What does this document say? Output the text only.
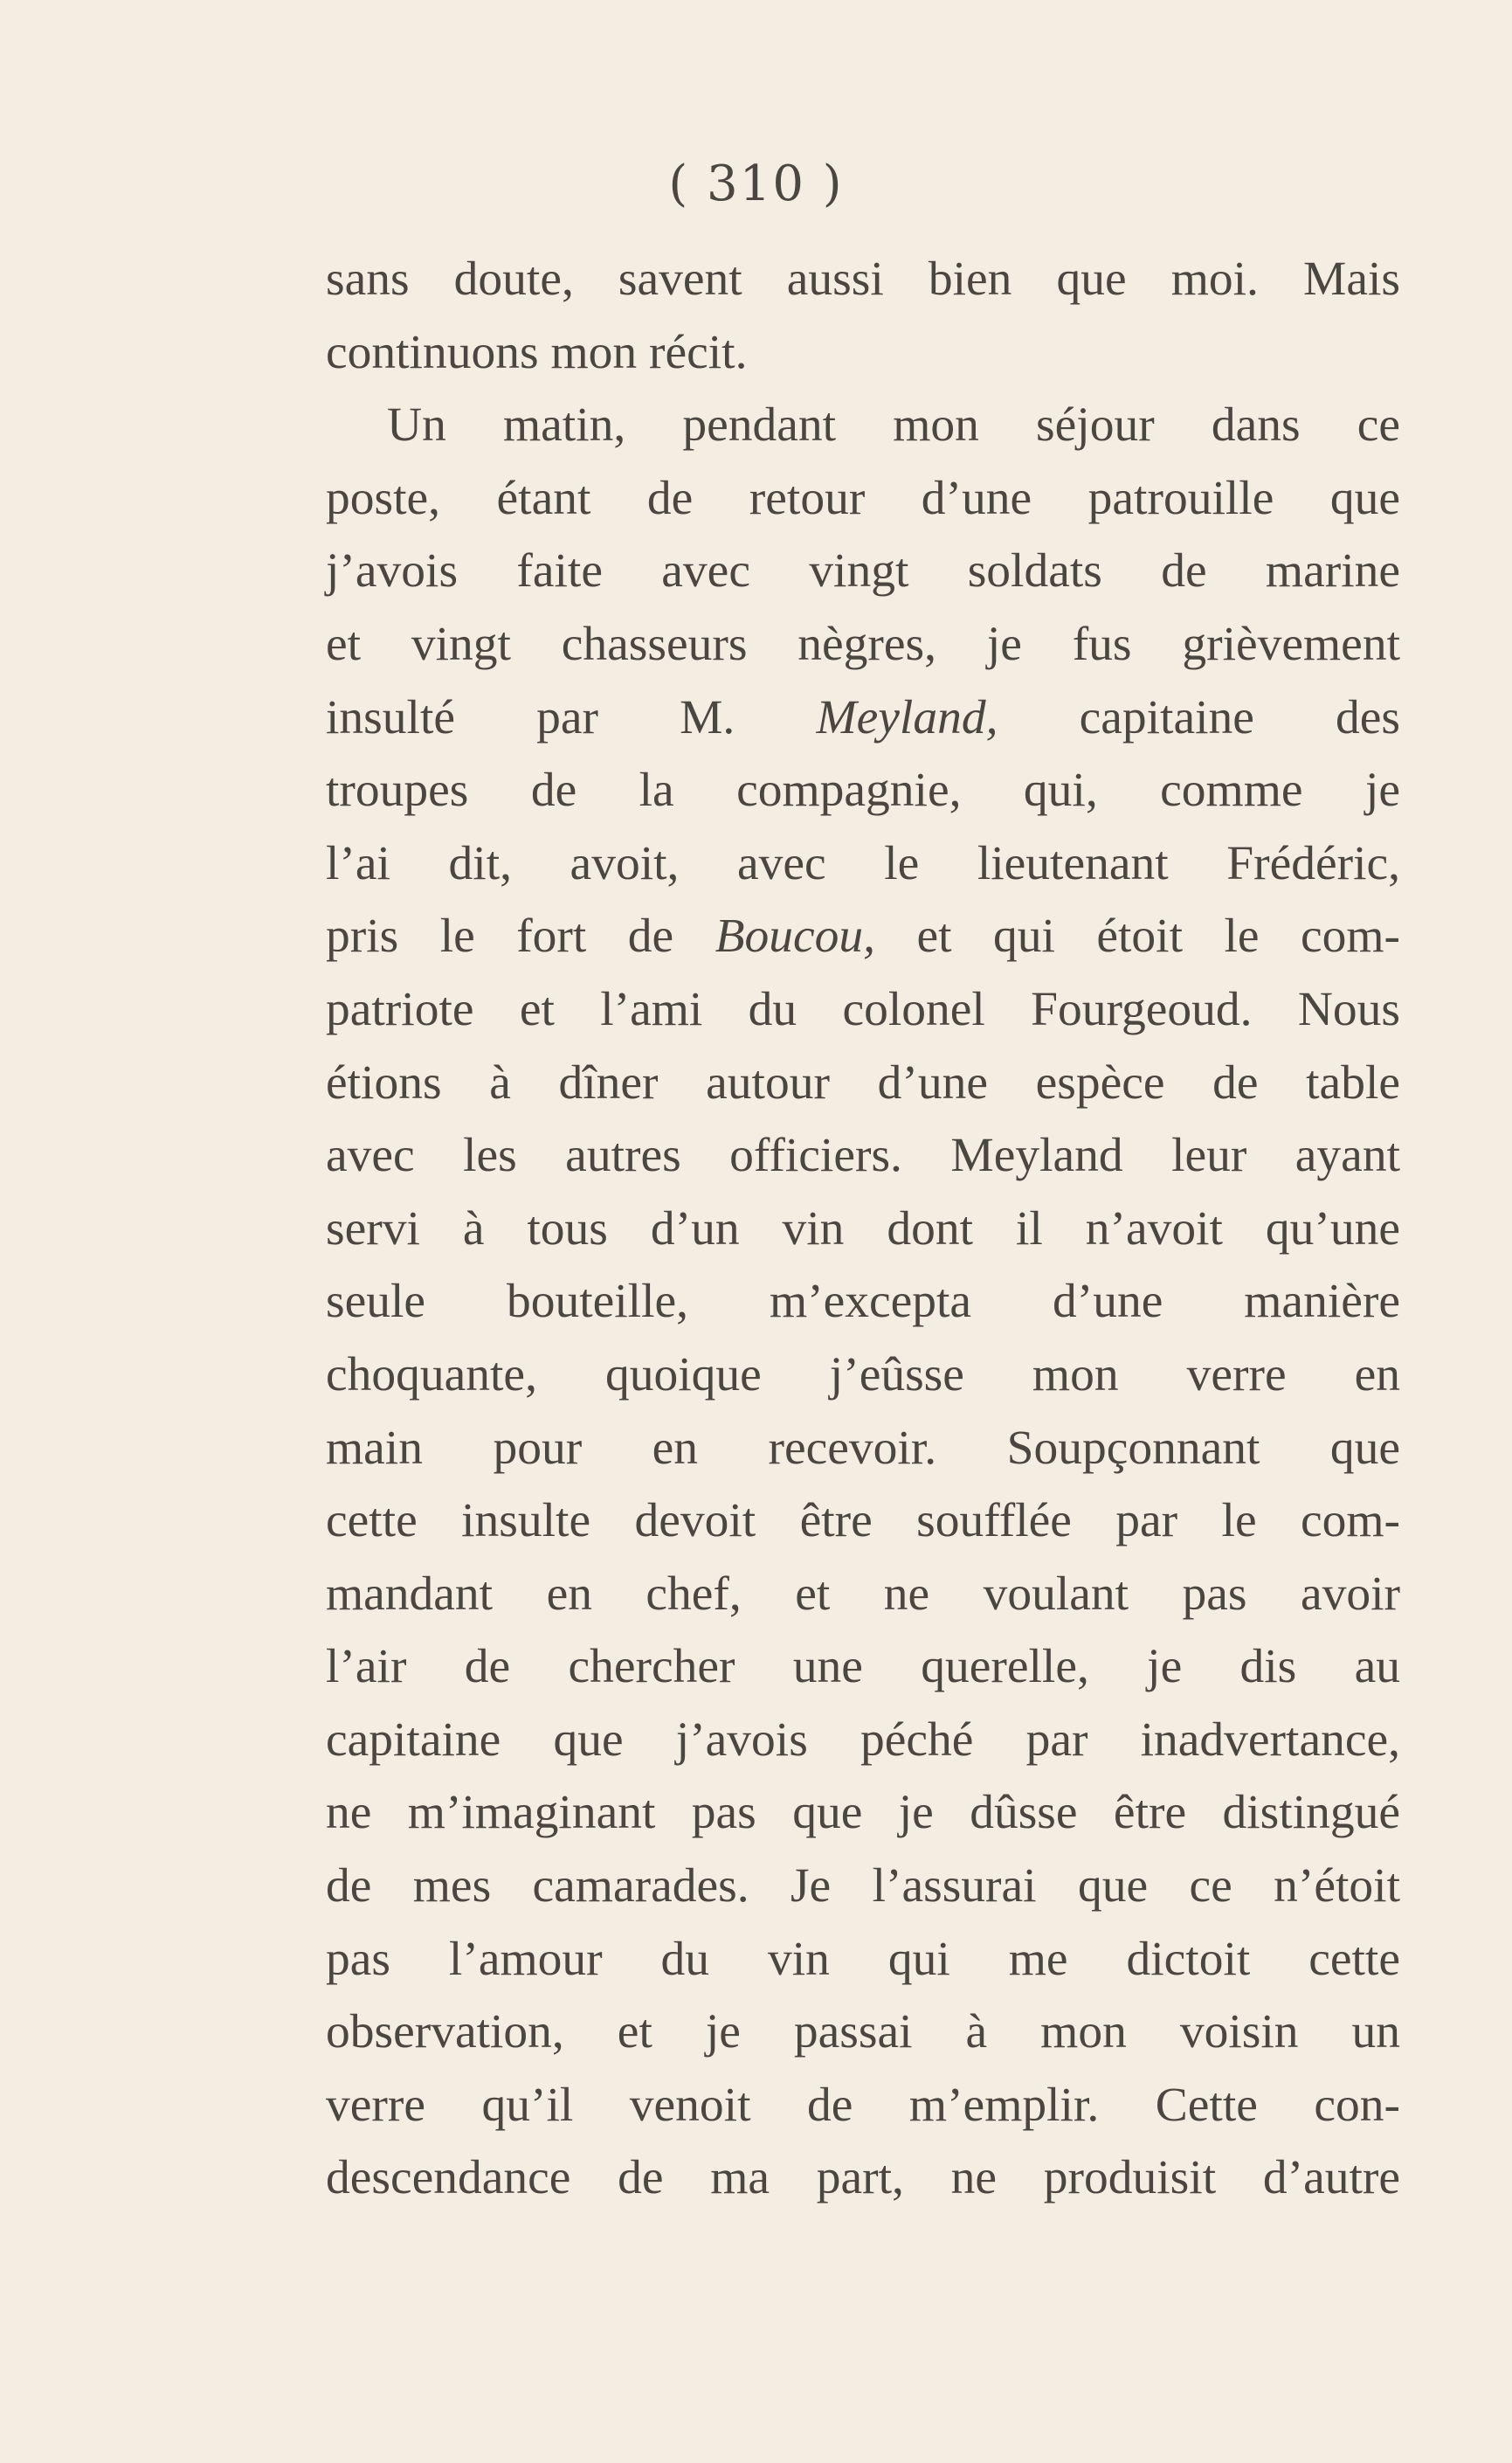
( 310 )
sans doute, savent aussi bien que moi. Mais
continuons mon récit.
Un matin, pendant mon séjour dans ce
poste, étant de retour d’une patrouille que
j’avois faite avec vingt soldats de marine
et vingt chasseurs nègres, je fus grièvement
insulté par M. Meyland, capitaine des
troupes de la compagnie, qui, comme je
l’ai dit, avoit, avec le lieutenant Frédéric,
pris le fort de Boucou, et qui étoit le com-
patriote et l’ami du colonel Fourgeoud. Nous
étions à dîner autour d’une espèce de table
avec les autres officiers. Meyland leur ayant
servi à tous d’un vin dont il n’avoit qu’une
seule bouteille, m’excepta d’une manière
choquante, quoique j’eûsse mon verre en
main pour en recevoir. Soupçonnant que
cette insulte devoit être soufflée par le com-
mandant en chef, et ne voulant pas avoir
l’air de chercher une querelle, je dis au
capitaine que j’avois péché par inadvertance,
ne m’imaginant pas que je dûsse être distingué
de mes camarades. Je l’assurai que ce n’étoit
pas l’amour du vin qui me dictoit cette
observation, et je passai à mon voisin un
verre qu’il venoit de m’emplir. Cette con-
descendance de ma part, ne produisit d’autre
